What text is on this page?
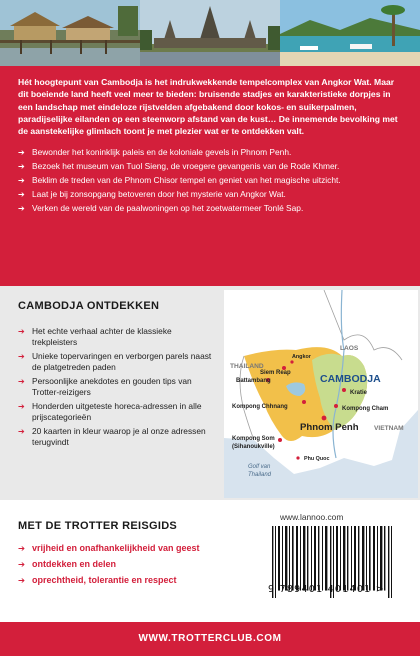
Hét hoogtepunt van Cambodja is het indrukwekkende tempelcomplex van Angkor Wat. Maar dit boeiende land heeft veel meer te bieden: bruisende stadjes en karakteristieke dorpjes in een landschap met eindeloze rijstvelden afgebakend door kokos- en suikerpalmen, paradijselijke eilanden op een steenworp afstand van de kust… De innemende bevolking met de aanstekelijke glimlach toont je met plezier wat er te ontdekken valt.

➔ Bewonder het koninklijk paleis en de koloniale gevels in Phnom Penh.
➔ Bezoek het museum van Tuol Sieng, de vroegere gevangenis van de Rode Khmer.
➔ Beklim de treden van de Phnom Chisor tempel en geniet van het magische uitzicht.
➔ Laat je bij zonsopgang betoveren door het mysterie van Angkor Wat.
➔ Verken de wereld van de paalwoningen op het zoetwatermeer Tonlé Sap.
CAMBODJA ONTDEKKEN
➔ Het echte verhaal achter de klassieke trekpleisters
➔ Unieke topervaringen en verborgen parels naast de platgetreden paden
➔ Persoonlijke anekdotes en gouden tips van Trotter-reizigers
➔ Honderden uitgeteste horeca-adressen in alle prijscategorieën
➔ 20 kaarten in kleur waarop je al onze adressen terugvindt
THAILAND
LAOS
VIETNAM
CAMBODJA
Siem Reap
Angkor
Battambang
Kratie
Kompong Chhnang	Kompong Cham
Phnom Penh
Kompong Som
(Sihanoukville)
Phu Quoc
Golf van
Thailand
MET DE TROTTER REISGIDS
➔ vrijheid en onafhankelijkheid van geest
➔ ontdekken en delen
➔ oprechtheid, tolerantie en respect
www.lannoo.com
9 789401 401401 >
WWW.TROTTERCLUB.COM
